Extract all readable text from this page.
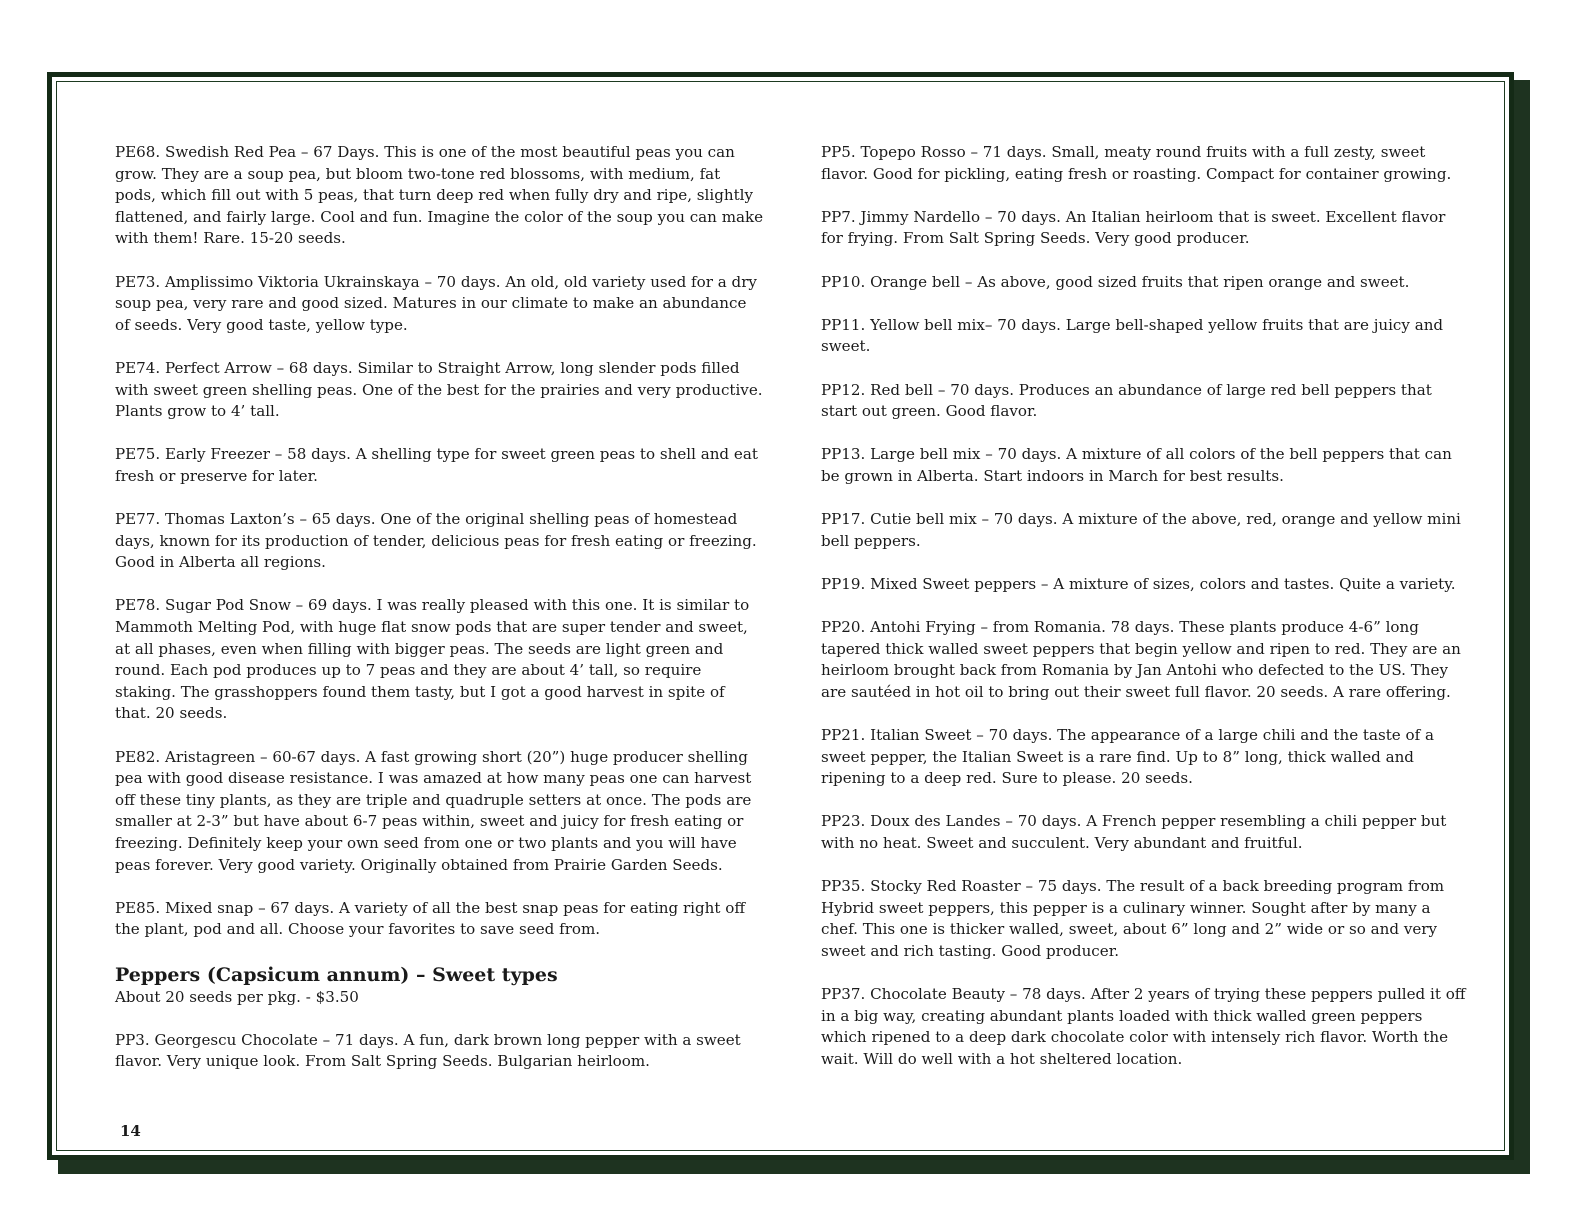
PE68. Swedish Red Pea – 67 Days. This is one of the most beautiful peas you can grow. They are a soup pea, but bloom two-tone red blossoms, with medium, fat pods, which fill out with 5 peas, that turn deep red when fully dry and ripe, slightly flattened, and fairly large. Cool and fun. Imagine the color of the soup you can make with them! Rare. 15-20 seeds.

PE73. Amplissimo Viktoria Ukrainskaya – 70 days. An old, old variety used for a dry soup pea, very rare and good sized. Matures in our climate to make an abundance of seeds. Very good taste, yellow type.

PE74. Perfect Arrow – 68 days. Similar to Straight Arrow, long slender pods filled with sweet green shelling peas. One of the best for the prairies and very productive. Plants grow to 4’ tall.

PE75. Early Freezer – 58 days. A shelling type for sweet green peas to shell and eat fresh or preserve for later.

PE77. Thomas Laxton’s – 65 days. One of the original shelling peas of homestead days, known for its production of tender, delicious peas for fresh eating or freezing. Good in Alberta all regions.

PE78. Sugar Pod Snow – 69 days. I was really pleased with this one. It is similar to Mammoth Melting Pod, with huge flat snow pods that are super tender and sweet, at all phases, even when filling with bigger peas. The seeds are light green and round. Each pod produces up to 7 peas and they are about 4’ tall, so require staking. The grasshoppers found them tasty, but I got a good harvest in spite of that. 20 seeds.

PE82. Aristagreen – 60-67 days. A fast growing short (20”) huge producer shelling pea with good disease resistance. I was amazed at how many peas one can harvest off these tiny plants, as they are triple and quadruple setters at once. The pods are smaller at 2-3” but have about 6-7 peas within, sweet and juicy for fresh eating or freezing. Definitely keep your own seed from one or two plants and you will have peas forever. Very good variety. Originally obtained from Prairie Garden Seeds.

PE85. Mixed snap – 67 days. A variety of all the best snap peas for eating right off the plant, pod and all. Choose your favorites to save seed from.

Peppers (Capsicum annum) – Sweet types

About 20 seeds per pkg. - $3.50

PP3. Georgescu Chocolate – 71 days. A fun, dark brown long pepper with a sweet flavor. Very unique look. From Salt Spring Seeds. Bulgarian heirloom.

PP5. Topepo Rosso – 71 days. Small, meaty round fruits with a full zesty, sweet flavor. Good for pickling, eating fresh or roasting. Compact for container growing.

PP7. Jimmy Nardello – 70 days. An Italian heirloom that is sweet. Excellent flavor for frying. From Salt Spring Seeds. Very good producer.

PP10. Orange bell – As above, good sized fruits that ripen orange and sweet.

PP11. Yellow bell mix– 70 days. Large bell-shaped yellow fruits that are juicy and sweet.

PP12. Red bell – 70 days. Produces an abundance of large red bell peppers that start out green. Good flavor.

PP13. Large bell mix – 70 days. A mixture of all colors of the bell peppers that can be grown in Alberta. Start indoors in March for best results.

PP17. Cutie bell mix – 70 days. A mixture of the above, red, orange and yellow mini bell peppers.

PP19. Mixed Sweet peppers – A mixture of sizes, colors and tastes. Quite a variety.

PP20. Antohi Frying – from Romania. 78 days. These plants produce 4-6” long tapered thick walled sweet peppers that begin yellow and ripen to red. They are an heirloom brought back from Romania by Jan Antohi who defected to the US. They are sautéed in hot oil to bring out their sweet full flavor. 20 seeds. A rare offering.

PP21. Italian Sweet – 70 days. The appearance of a large chili and the taste of a sweet pepper, the Italian Sweet is a rare find. Up to 8” long, thick walled and ripening to a deep red. Sure to please. 20 seeds.

PP23. Doux des Landes – 70 days. A French pepper resembling a chili pepper but with no heat. Sweet and succulent. Very abundant and fruitful.

PP35. Stocky Red Roaster – 75 days. The result of a back breeding program from Hybrid sweet peppers, this pepper is a culinary winner. Sought after by many a chef. This one is thicker walled, sweet, about 6” long and 2” wide or so and very sweet and rich tasting. Good producer.

PP37. Chocolate Beauty – 78 days. After 2 years of trying these peppers pulled it off in a big way, creating abundant plants loaded with thick walled green peppers which ripened to a deep dark chocolate color with intensely rich flavor. Worth the wait. Will do well with a hot sheltered location.

14
